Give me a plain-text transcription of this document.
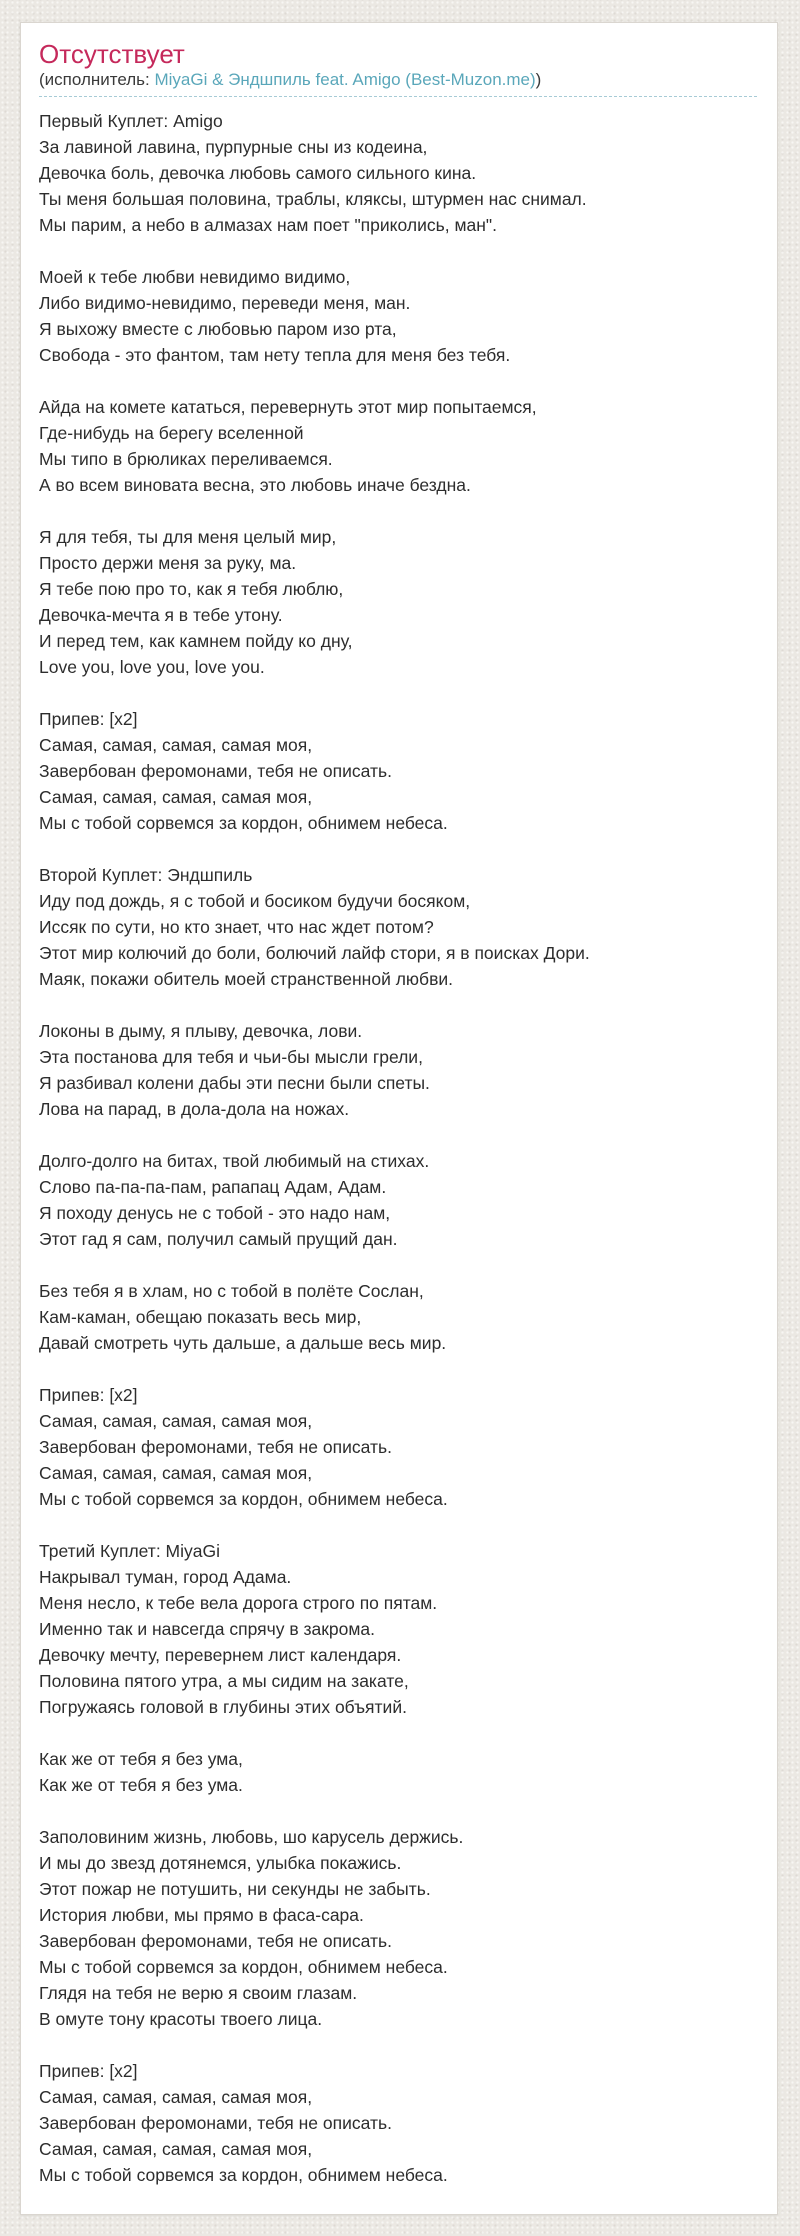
Отсутствует
(исполнитель: MiyaGi & Эндшпиль feat. Amigo (Best-Muzon.me))
Первый Куплет: Amigo
За лавиной лавина, пурпурные сны из кодеина,
Девочка боль, девочка любовь самого сильного кина.
Ты меня большая половина, траблы, кляксы, штурмен нас снимал.
Мы парим, а небо в алмазах нам поет "приколись, ман".
Моей к тебе любви невидимо видимо,
Либо видимо-невидимо, переведи меня, ман.
Я выхожу вместе с любовью паром изо рта,
Свобода - это фантом, там нету тепла для меня без тебя.
Айда на комете кататься, перевернуть этот мир попытаемся,
Где-нибудь на берегу вселенной
Мы типо в брюликах переливаемся.
А во всем виновата весна, это любовь иначе бездна.
Я для тебя, ты для меня целый мир,
Просто держи меня за руку, ма.
Я тебе пою про то, как я тебя люблю,
Девочка-мечта я в тебе утону.
И перед тем, как камнем пойду ко дну,
Love you, love you, love you.
Припев: [x2]
Самая, самая, самая, самая моя,
Завербован феромонами, тебя не описать.
Самая, самая, самая, самая моя,
Мы с тобой сорвемся за кордон, обнимем небеса.
Второй Куплет: Эндшпиль
Иду под дождь, я с тобой и босиком будучи босяком,
Иссяк по сути, но кто знает, что нас ждет потом?
Этот мир колючий до боли, болючий лайф стори, я в поисках Дори.
Маяк, покажи обитель моей странственной любви.
Локоны в дыму, я плыву, девочка, лови.
Эта постанова для тебя и чьи-бы мысли грели,
Я разбивал колени дабы эти песни были спеты.
Лова на парад, в дола-дола на ножах.
Долго-долго на битах, твой любимый на стихах.
Слово па-па-па-пам, рапапац Адам, Адам.
Я походу денусь не с тобой - это надо нам,
Этот гад я сам, получил самый прущий дан.
Без тебя я в хлам, но с тобой в полёте Сослан,
Кам-каман, обещаю показать весь мир,
Давай смотреть чуть дальше, а дальше весь мир.
Припев: [x2]
Самая, самая, самая, самая моя,
Завербован феромонами, тебя не описать.
Самая, самая, самая, самая моя,
Мы с тобой сорвемся за кордон, обнимем небеса.
Третий Куплет: MiyaGi
Накрывал туман, город Адама.
Меня несло, к тебе вела дорога строго по пятам.
Именно так и навсегда спрячу в закрома.
Девочку мечту, перевернем лист календаря.
Половина пятого утра, а мы сидим на закате,
Погружаясь головой в глубины этих объятий.
Как же от тебя я без ума,
Как же от тебя я без ума.
Заполовиним жизнь, любовь, шо карусель держись.
И мы до звезд дотянемся, улыбка покажись.
Этот пожар не потушить, ни секунды не забыть.
История любви, мы прямо в фаса-сара.
Завербован феромонами, тебя не описать.
Мы с тобой сорвемся за кордон, обнимем небеса.
Глядя на тебя не верю я своим глазам.
В омуте тону красоты твоего лица.
Припев: [x2]
Самая, самая, самая, самая моя,
Завербован феромонами, тебя не описать.
Самая, самая, самая, самая моя,
Мы с тобой сорвемся за кордон, обнимем небеса.
